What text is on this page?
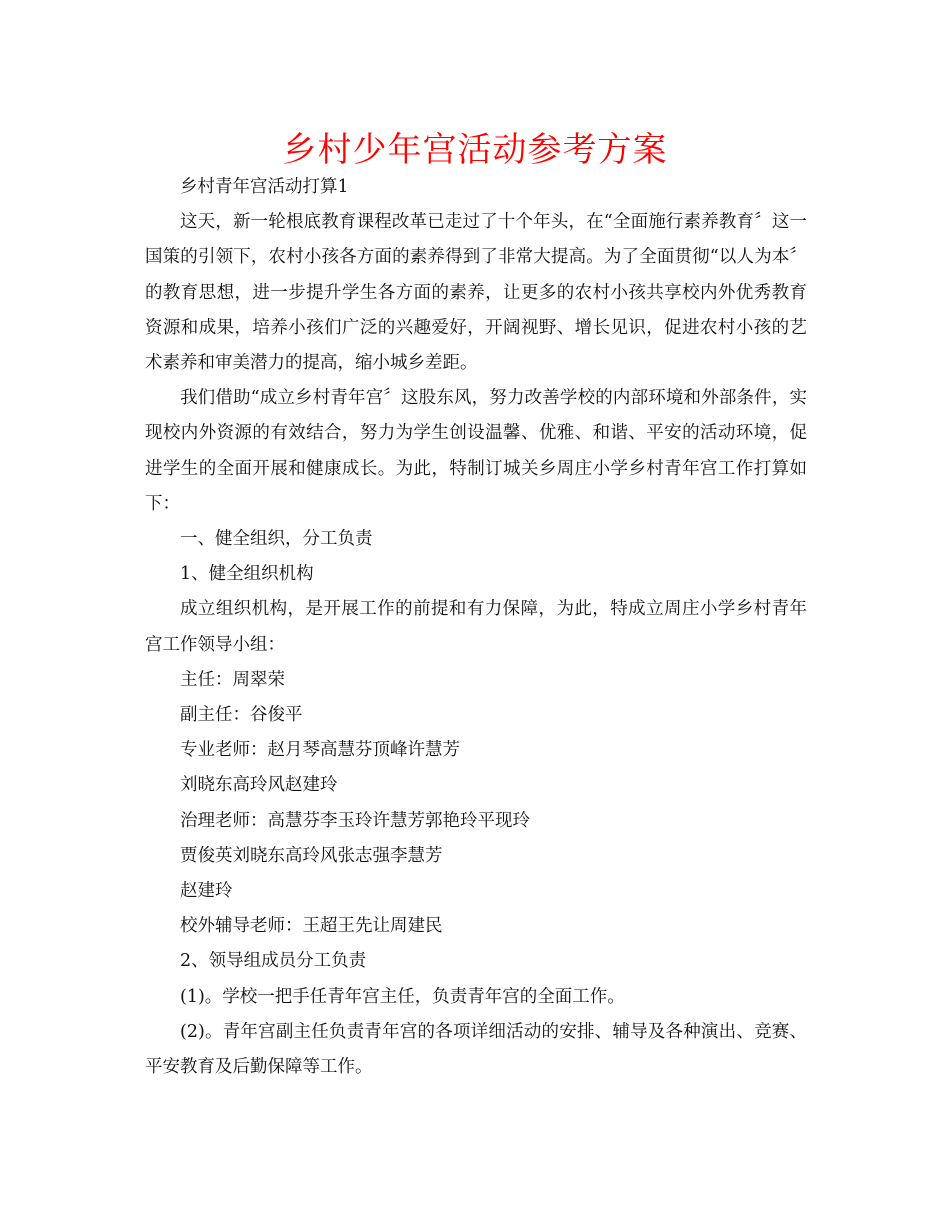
乡村少年宫活动参考方案

乡村青年宫活动打算1

这天，新一轮根底教育课程改革已走过了十个年头，在“全面施行素养教育〞这一国策的引领下，农村小孩各方面的素养得到了非常大提高。为了全面贯彻“以人为本〞的教育思想，进一步提升学生各方面的素养，让更多的农村小孩共享校内外优秀教育资源和成果，培养小孩们广泛的兴趣爱好，开阔视野、增长见识，促进农村小孩的艺术素养和审美潜力的提高，缩小城乡差距。

我们借助“成立乡村青年宫〞这股东风，努力改善学校的内部环境和外部条件，实现校内外资源的有效结合，努力为学生创设温馨、优雅、和谐、平安的活动环境，促进学生的全面开展和健康成长。为此，特制订城关乡周庄小学乡村青年宫工作打算如下：

一、健全组织，分工负责

1、健全组织机构

成立组织机构，是开展工作的前提和有力保障，为此，特成立周庄小学乡村青年宫工作领导小组：

主任：周翠荣

副主任：谷俊平

专业老师：赵月琴高慧芬顶峰许慧芳

刘晓东高玲风赵建玲

治理老师：高慧芬李玉玲许慧芳郭艳玲平现玲

贾俊英刘晓东高玲风张志强李慧芳

赵建玲

校外辅导老师：王超王先让周建民

2、领导组成员分工负责

(1)。学校一把手任青年宫主任，负责青年宫的全面工作。

(2)。青年宫副主任负责青年宫的各项详细活动的安排、辅导及各种演出、竞赛、平安教育及后勤保障等工作。
